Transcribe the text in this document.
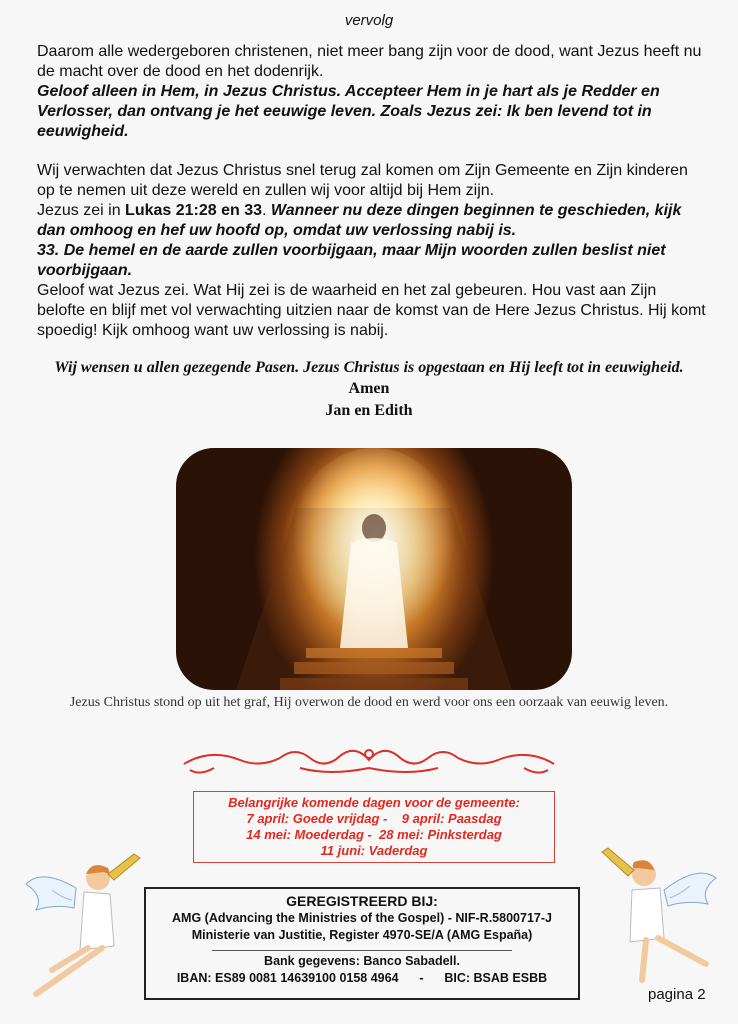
vervolg
Daarom alle wedergeboren christenen, niet meer bang zijn voor de dood, want Jezus heeft nu de macht over de dood en het dodenrijk.
Geloof alleen in Hem, in Jezus Christus. Accepteer Hem in je hart als je Redder en Verlosser, dan ontvang je het eeuwige leven. Zoals Jezus zei: Ik ben levend tot in eeuwigheid.
Wij verwachten dat Jezus Christus snel terug zal komen om Zijn Gemeente en Zijn kinderen op te nemen uit deze wereld en zullen wij voor altijd bij Hem zijn.
Jezus zei in Lukas 21:28 en 33. Wanneer nu deze dingen beginnen te geschieden, kijk dan omhoog en hef uw hoofd op, omdat uw verlossing nabij is.
33. De hemel en de aarde zullen voorbijgaan, maar Mijn woorden zullen beslist niet voorbijgaan.
Geloof wat Jezus zei. Wat Hij zei is de waarheid en het zal gebeuren. Hou vast aan Zijn belofte en blijf met vol verwachting uitzien naar de komst van de Here Jezus Christus. Hij komt spoedig! Kijk omhoog want uw verlossing is nabij.
Wij wensen u allen gezegende Pasen. Jezus Christus is opgestaan en Hij leeft tot in eeuwigheid.
Amen
Jan en Edith
Jezus Christus stond op uit het graf, Hij overwon de dood en werd voor ons een oorzaak van eeuwig leven.
Belangrijke komende dagen voor de gemeente:
7 april: Goede vrijdag -    9 april: Paasdag
14 mei: Moederdag -  28 mei: Pinksterdag
11 juni: Vaderdag
GEREGISTREERD BIJ:
AMG (Advancing the Ministries of the Gospel) - NIF-R.5800717-J
Ministerie van Justitie, Register 4970-SE/A (AMG España)
Bank gegevens: Banco Sabadell.
IBAN: ES89 0081 14639100 0158 4964      -      BIC: BSAB ESBB
pagina 2
